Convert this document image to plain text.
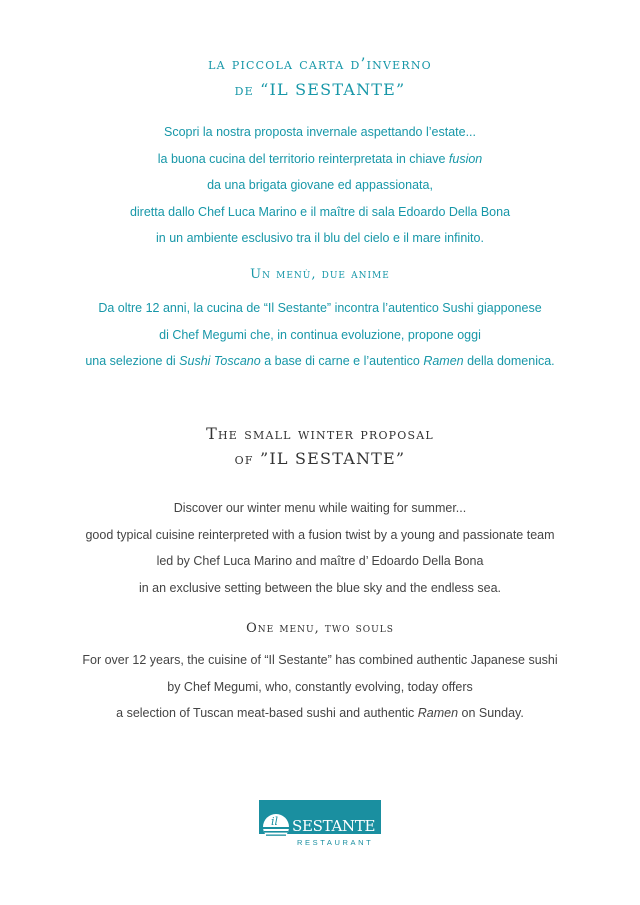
la piccola carta d’inverno
de “IL SESTANTE”
Scopri la nostra proposta invernale aspettando l’estate...
la buona cucina del territorio reinterpretata in chiave fusion
da una brigata giovane ed appassionata,
diretta dallo Chef Luca Marino e il maître di sala Edoardo Della Bona
in un ambiente esclusivo tra il blu del cielo e il mare infinito.
Un menù, due anime
Da oltre 12 anni, la cucina de “Il Sestante” incontra l’autentico Sushi giapponese
di Chef Megumi che, in continua evoluzione, propone oggi
una selezione di Sushi Toscano a base di carne e l’autentico Ramen della domenica.
The small winter proposal
of ”IL SESTANTE”
Discover our winter menu while waiting for summer...
good typical cuisine reinterpreted with a fusion twist by a young and passionate team
led by Chef Luca Marino and maître d’ Edoardo Della Bona
in an exclusive setting between the blue sky and the endless sea.
One menu, two souls
For over 12 years, the cuisine of “Il Sestante” has combined authentic Japanese sushi
by Chef Megumi, who, constantly evolving, today offers
a selection of Tuscan meat-based sushi and authentic Ramen on Sunday.
il SESTANTE
RESTAURANT
